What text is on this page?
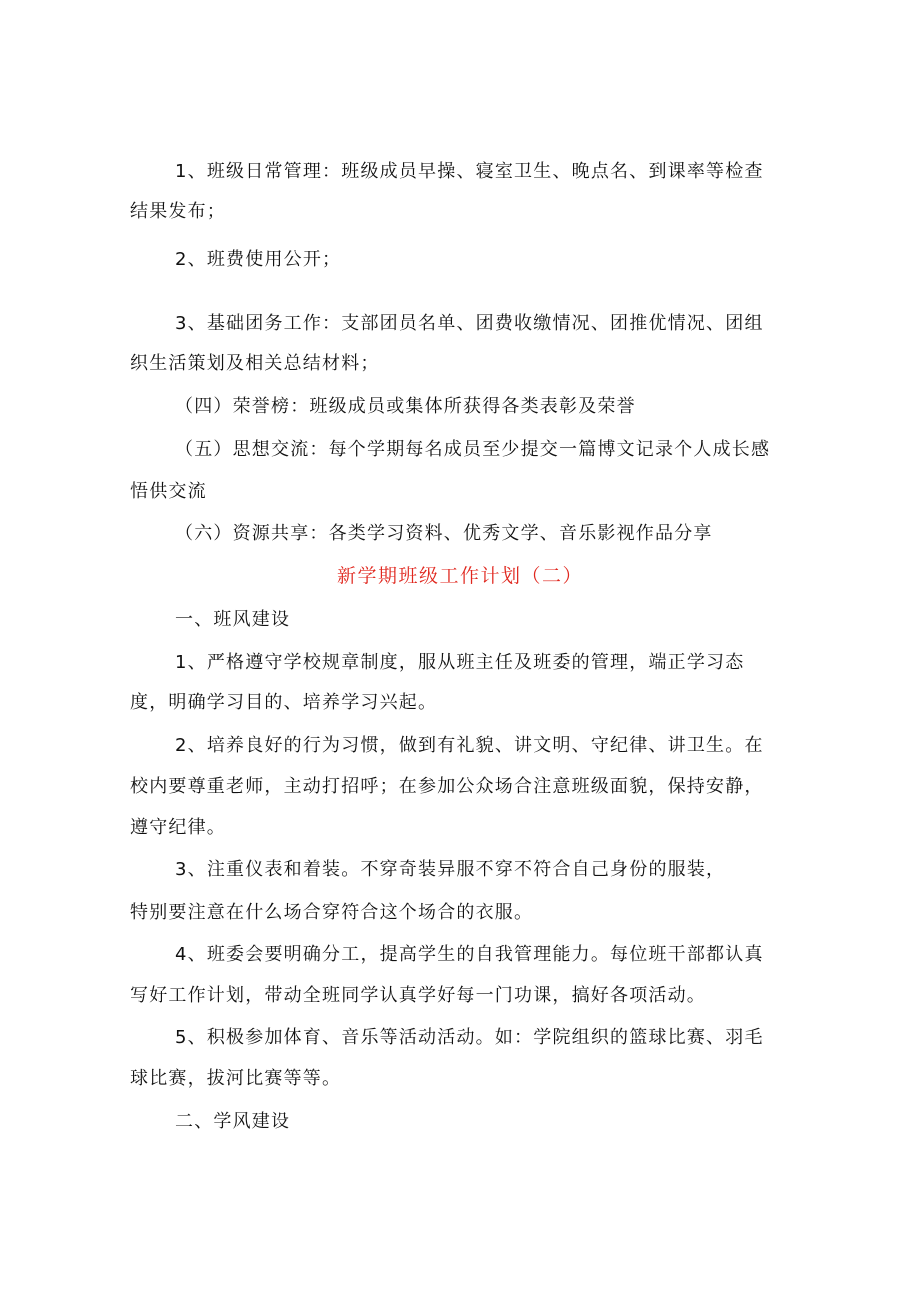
1、班级日常管理：班级成员早操、寝室卫生、晚点名、到课率等检查
结果发布；
2、班费使用公开；
3、基础团务工作：支部团员名单、团费收缴情况、团推优情况、团组
织生活策划及相关总结材料；
（四）荣誉榜：班级成员或集体所获得各类表彰及荣誉
（五）思想交流：每个学期每名成员至少提交一篇博文记录个人成长感
悟供交流
（六）资源共享：各类学习资料、优秀文学、音乐影视作品分享
新学期班级工作计划（二）
一、班风建设
1、严格遵守学校规章制度，服从班主任及班委的管理，端正学习态
度，明确学习目的、培养学习兴起。
2、培养良好的行为习惯，做到有礼貌、讲文明、守纪律、讲卫生。在
校内要尊重老师，主动打招呼；在参加公众场合注意班级面貌，保持安静，
遵守纪律。
3、注重仪表和着装。不穿奇装异服不穿不符合自己身份的服装，
特别要注意在什么场合穿符合这个场合的衣服。
4、班委会要明确分工，提高学生的自我管理能力。每位班干部都认真
写好工作计划，带动全班同学认真学好每一门功课，搞好各项活动。
5、积极参加体育、音乐等活动活动。如：学院组织的篮球比赛、羽毛
球比赛，拔河比赛等等。
二、学风建设
